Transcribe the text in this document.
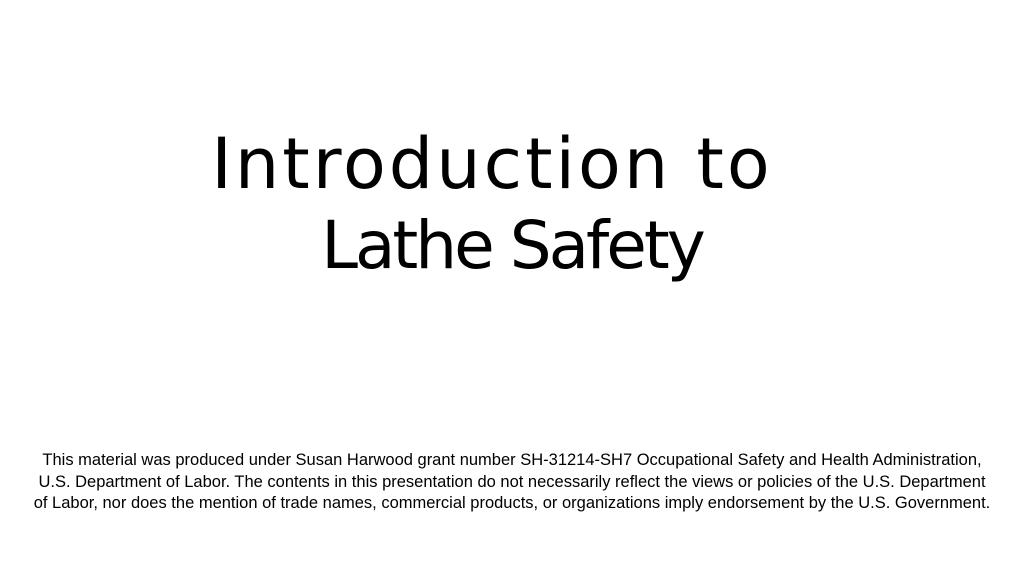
Introduction to
Lathe Safety

This material was produced under Susan Harwood grant number SH-31214-SH7 Occupational Safety and Health Administration, U.S. Department of Labor. The contents in this presentation do not necessarily reflect the views or policies of the U.S. Department of Labor, nor does the mention of trade names, commercial products, or organizations imply endorsement by the U.S. Government.
